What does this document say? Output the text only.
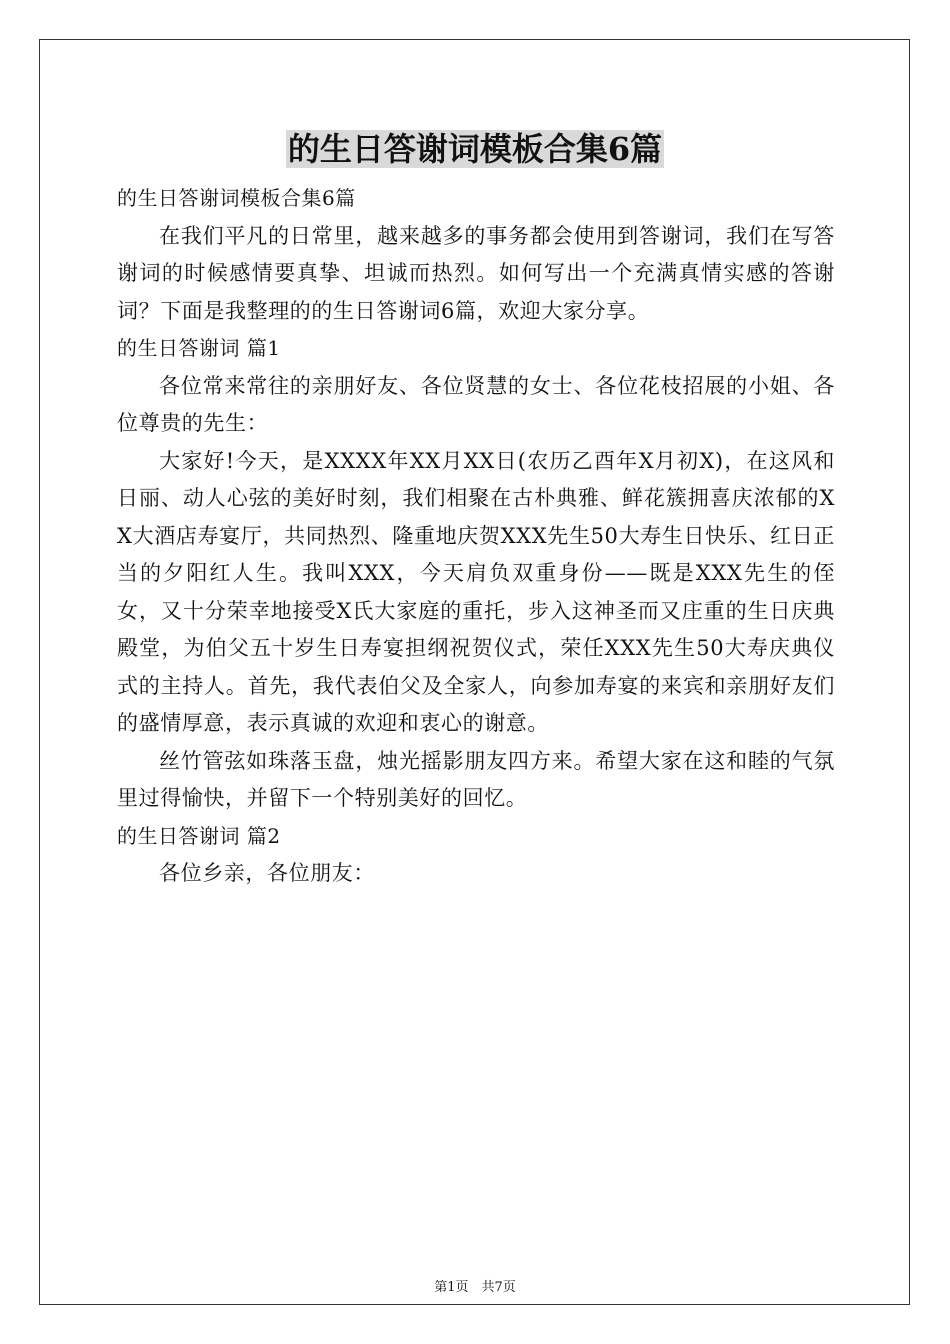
的生日答谢词模板合集6篇

的生日答谢词模板合集6篇

在我们平凡的日常里，越来越多的事务都会使用到答谢词，我们在写答谢词的时候感情要真挚、坦诚而热烈。如何写出一个充满真情实感的答谢词？下面是我整理的的生日答谢词6篇，欢迎大家分享。

的生日答谢词 篇1

各位常来常往的亲朋好友、各位贤慧的女士、各位花枝招展的小姐、各位尊贵的先生：

大家好!今天，是XXXX年XX月XX日(农历乙酉年X月初X)，在这风和日丽、动人心弦的美好时刻，我们相聚在古朴典雅、鲜花簇拥喜庆浓郁的XX大酒店寿宴厅，共同热烈、隆重地庆贺XXX先生50大寿生日快乐、红日正当的夕阳红人生。我叫XXX，今天肩负双重身份——既是XXX先生的侄女，又十分荣幸地接受X氏大家庭的重托，步入这神圣而又庄重的生日庆典殿堂，为伯父五十岁生日寿宴担纲祝贺仪式，荣任XXX先生50大寿庆典仪式的主持人。首先，我代表伯父及全家人，向参加寿宴的来宾和亲朋好友们的盛情厚意，表示真诚的欢迎和衷心的谢意。

丝竹管弦如珠落玉盘，烛光摇影朋友四方来。希望大家在这和睦的气氛里过得愉快，并留下一个特别美好的回忆。

的生日答谢词 篇2

各位乡亲，各位朋友：

第1页　共7页
